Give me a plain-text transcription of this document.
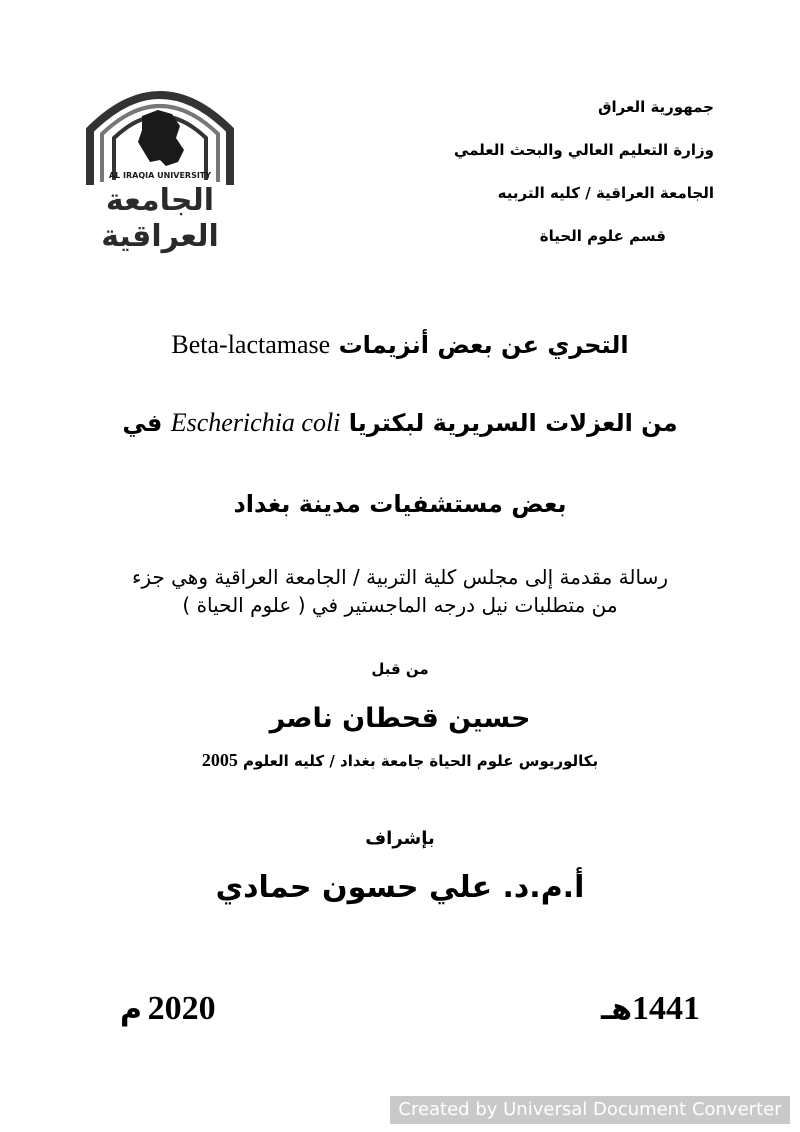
جمهورية العراق
وزارة التعليم العالي والبحث العلمي
الجامعة العراقية / كليه التربيه
قسم علوم الحياة
AL IRAQIA UNIVERSITY
الجامعة
العراقية
التحري عن بعض أنزيمات Beta-lactamase
من العزلات السريرية لبكتريا Escherichia coli في
بعض مستشفيات مدينة بغداد
رسالة مقدمة إلى مجلس كلية التربية / الجامعة العراقية وهي جزء
من متطلبات نيل درجه الماجستير في ( علوم الحياة )
من قبل
حسين قحطان ناصر
بكالوريوس علوم الحياة جامعة بغداد / كليه العلوم 2005
بإشراف
أ.م.د. علي حسون حمادي
1441هـ
2020 م
Created by Universal Document Converter
